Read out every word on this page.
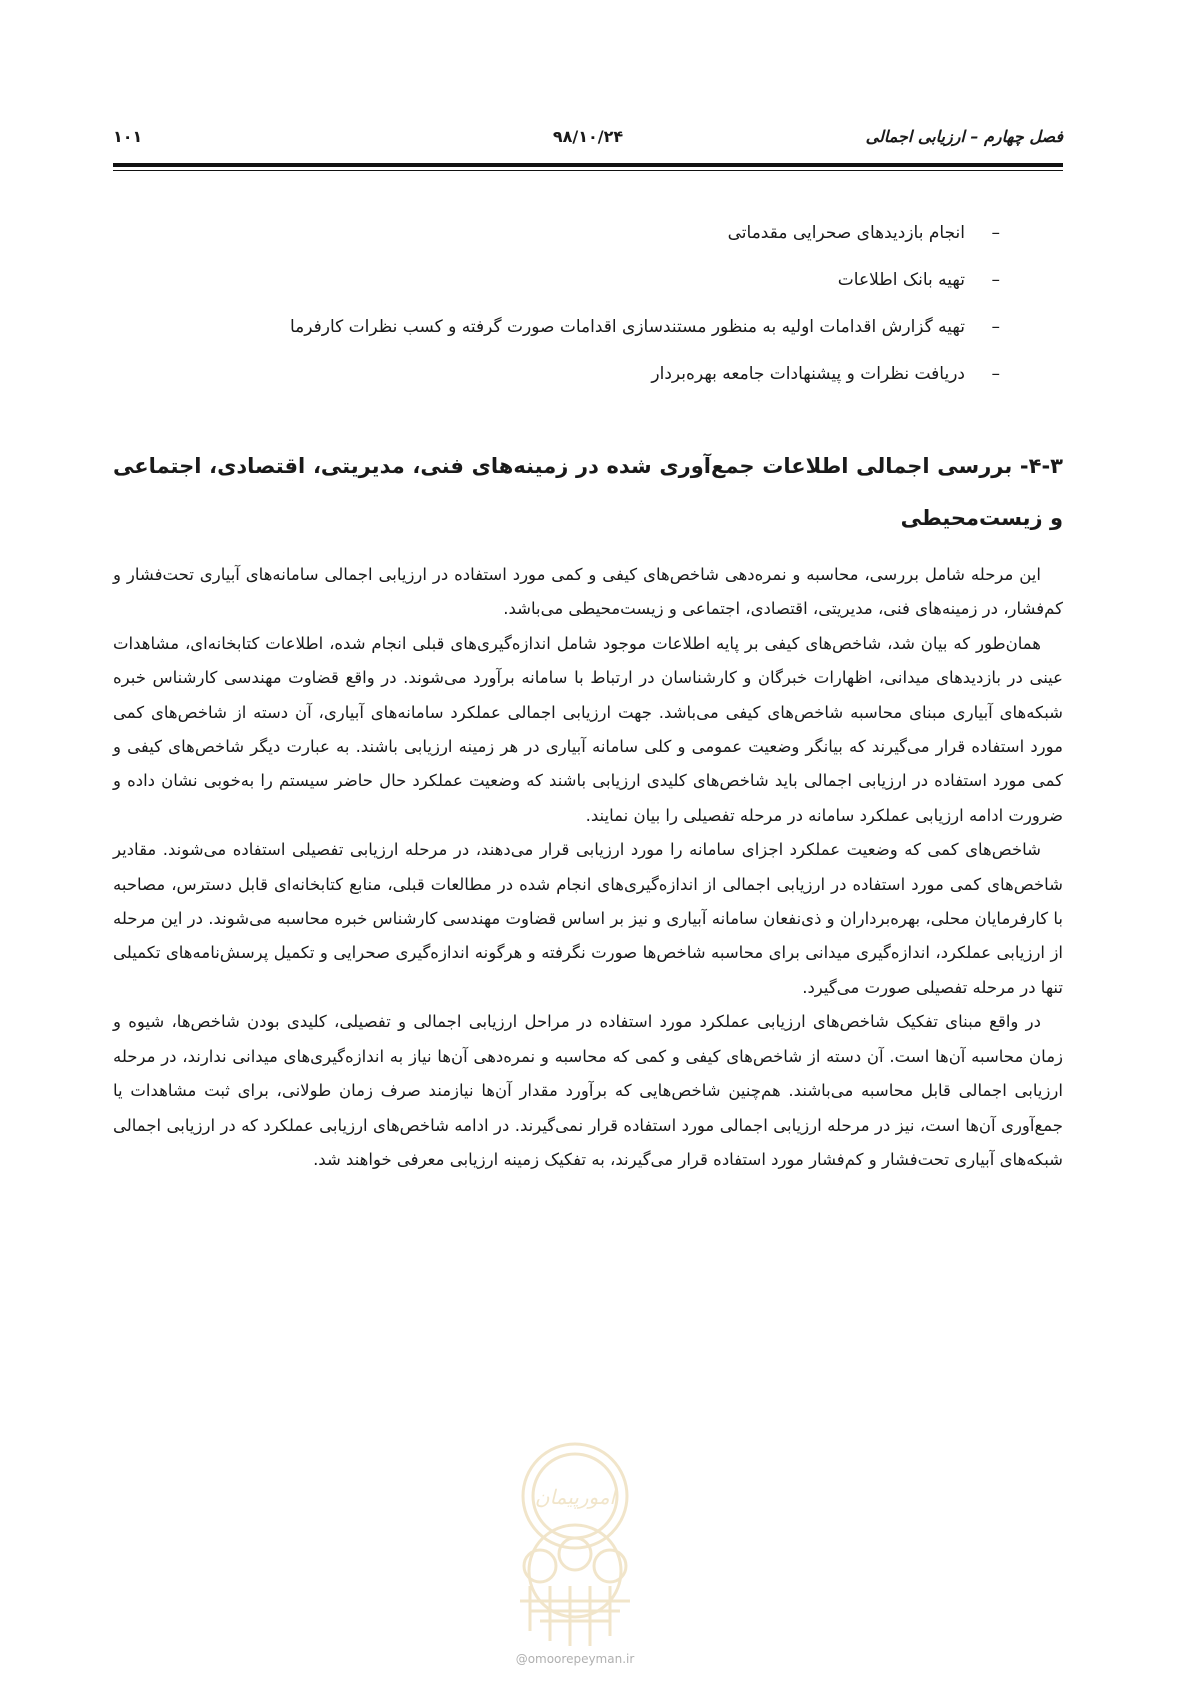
فصل چهارم – ارزیابی اجمالی
۹۸/۱۰/۲۴
۱۰۱
–
انجام بازدیدهای صحرایی مقدماتی
–
تهیه بانک اطلاعات
–
تهیه گزارش اقدامات اولیه به منظور مستندسازی اقدامات صورت گرفته و کسب نظرات کارفرما
–
دریافت نظرات و پیشنهادات جامعه بهره‌بردار
۴-۳- بررسی اجمالی اطلاعات جمع‌آوری شده در زمینه‌های فنی، مدیریتی، اقتصادی، اجتماعی و زیست‌محیطی

این مرحله شامل بررسی، محاسبه و نمره‌دهی شاخص‌های کیفی و کمی مورد استفاده در ارزیابی اجمالی سامانه‌های آبیاری تحت‌فشار و کم‌فشار، در زمینه‌های فنی، مدیریتی، اقتصادی، اجتماعی و زیست‌محیطی می‌باشد.

همان‌طور که بیان شد، شاخص‌های کیفی بر پایه اطلاعات موجود شامل اندازه‌گیری‌های قبلی انجام شده، اطلاعات کتابخانه‌ای، مشاهدات عینی در بازدیدهای میدانی، اظهارات خبرگان و کارشناسان در ارتباط با سامانه برآورد می‌شوند. در واقع قضاوت مهندسی کارشناس خبره شبکه‌های آبیاری مبنای محاسبه شاخص‌های کیفی می‌باشد. جهت ارزیابی اجمالی عملکرد سامانه‌های آبیاری، آن دسته از شاخص‌های کمی مورد استفاده قرار می‌گیرند که بیانگر وضعیت عمومی و کلی سامانه آبیاری در هر زمینه ارزیابی باشند. به عبارت دیگر شاخص‌های کیفی و کمی مورد استفاده در ارزیابی اجمالی باید شاخص‌های کلیدی ارزیابی باشند که وضعیت عملکرد حال حاضر سیستم را به‌خوبی نشان داده و ضرورت ادامه ارزیابی عملکرد سامانه در مرحله تفصیلی را بیان نمایند.

شاخص‌های کمی که وضعیت عملکرد اجزای سامانه را مورد ارزیابی قرار می‌دهند، در مرحله ارزیابی تفصیلی استفاده می‌شوند. مقادیر شاخص‌های کمی مورد استفاده در ارزیابی اجمالی از اندازه‌گیری‌های انجام شده در مطالعات قبلی، منابع کتابخانه‌ای قابل دسترس، مصاحبه با کارفرمایان محلی، بهره‌برداران و ذی‌نفعان سامانه آبیاری و نیز بر اساس قضاوت مهندسی کارشناس خبره محاسبه می‌شوند. در این مرحله از ارزیابی عملکرد، اندازه‌گیری میدانی برای محاسبه شاخص‌ها صورت نگرفته و هرگونه اندازه‌گیری صحرایی و تکمیل پرسش‌نامه‌های تکمیلی تنها در مرحله تفصیلی صورت می‌گیرد.

در واقع مبنای تفکیک شاخص‌های ارزیابی عملکرد مورد استفاده در مراحل ارزیابی اجمالی و تفصیلی، کلیدی بودن شاخص‌ها، شیوه و زمان محاسبه آن‌ها است. آن دسته از شاخص‌های کیفی و کمی که محاسبه و نمره‌دهی آن‌ها نیاز به اندازه‌گیری‌های میدانی ندارند، در مرحله ارزیابی اجمالی قابل محاسبه می‌باشند. هم‌چنین شاخص‌هایی که برآورد مقدار آن‌ها نیازمند صرف زمان طولانی، برای ثبت مشاهدات یا جمع‌آوری آن‌ها است، نیز در مرحله ارزیابی اجمالی مورد استفاده قرار نمی‌گیرند. در ادامه شاخص‌های ارزیابی عملکرد که در ارزیابی اجمالی شبکه‌های آبیاری تحت‌فشار و کم‌فشار مورد استفاده قرار می‌گیرند، به تفکیک زمینه ارزیابی معرفی خواهند شد.

امورپیمان
@omoorepeyman.ir
